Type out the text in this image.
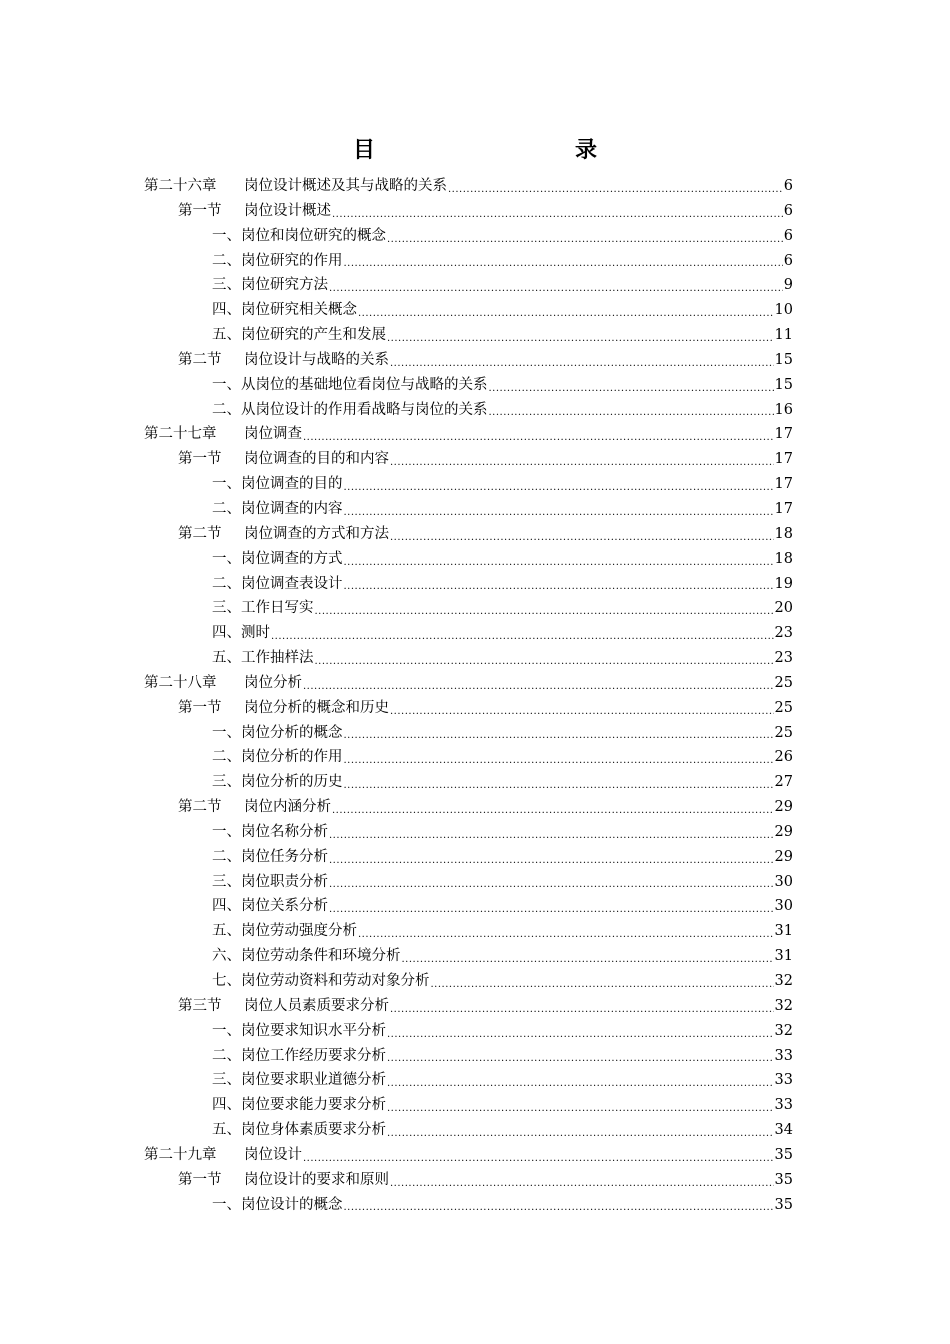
目　　录
第二十六章	岗位设计概述及其与战略的关系 .....	6
第一节	岗位设计概述 .....	6
一、 岗位和岗位研究的概念 .....	6
二、 岗位研究的作用 .....	6
三、 岗位研究方法 .....	9
四、 岗位研究相关概念 .....	10
五、 岗位研究的产生和发展 .....	11
第二节	岗位设计与战略的关系 .....	15
一、 从岗位的基础地位看岗位与战略的关系 .....	15
二、 从岗位设计的作用看战略与岗位的关系 .....	16
第二十七章	岗位调查 .....	17
第一节	岗位调查的目的和内容 .....	17
一、 岗位调查的目的 .....	17
二、 岗位调查的内容 .....	17
第二节	岗位调查的方式和方法 .....	18
一、 岗位调查的方式 .....	18
二、 岗位调查表设计 .....	19
三、 工作日写实 .....	20
四、 测时 .....	23
五、 工作抽样法 .....	23
第二十八章	岗位分析 .....	25
第一节	岗位分析的概念和历史 .....	25
一、 岗位分析的概念 .....	25
二、 岗位分析的作用 .....	26
三、 岗位分析的历史 .....	27
第二节	岗位内涵分析 .....	29
一、 岗位名称分析 .....	29
二、 岗位任务分析 .....	29
三、 岗位职责分析 .....	30
四、 岗位关系分析 .....	30
五、 岗位劳动强度分析 .....	31
六、 岗位劳动条件和环境分析 .....	31
七、 岗位劳动资料和劳动对象分析 .....	32
第三节	岗位人员素质要求分析 .....	32
一、 岗位要求知识水平分析 .....	32
二、 岗位工作经历要求分析 .....	33
三、 岗位要求职业道德分析 .....	33
四、 岗位要求能力要求分析 .....	33
五、 岗位身体素质要求分析 .....	34
第二十九章	岗位设计 .....	35
第一节	岗位设计的要求和原则 .....	35
一、 岗位设计的概念 .....	35
